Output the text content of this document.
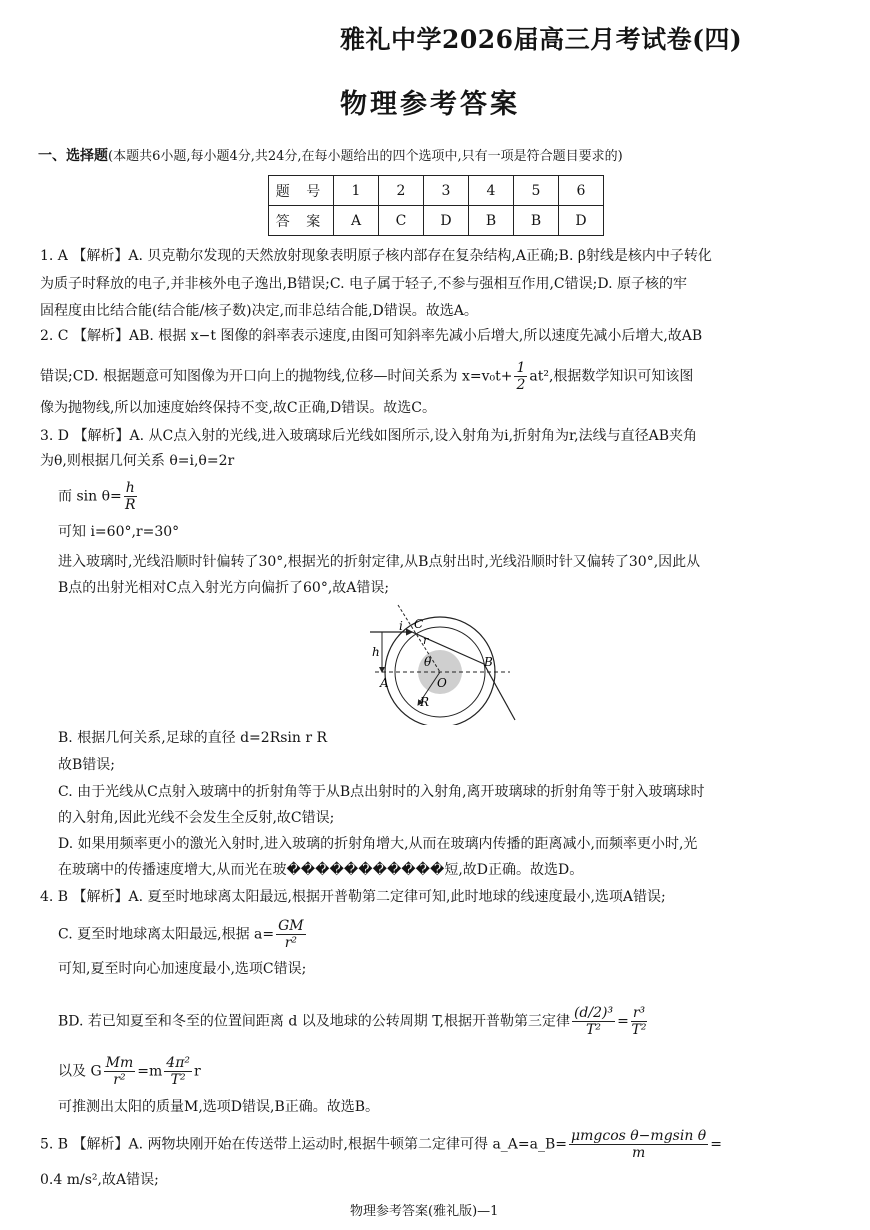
雅礼中学2026届高三月考试卷(四)
物理参考答案
一、选择题(本题共6小题,每小题4分,共24分,在每小题给出的四个选项中,只有一项是符合题目要求的)
题 号	1	2	3	4	5	6
答 案	A	C	D	B	B	D
1. A 【解析】A. 贝克勒尔发现的天然放射现象表明原子核内部存在复杂结构,A正确;B. β射线是核内中子转化
为质子时释放的电子,并非核外电子逸出,B错误;C. 电子属于轻子,不参与强相互作用,C错误;D. 原子核的牢
固程度由比结合能(结合能/核子数)决定,而非总结合能,D错误。故选A。
2. C 【解析】AB. 根据 x−t 图像的斜率表示速度,由图可知斜率先减小后增大,所以速度先减小后增大,故AB
错误;CD. 根据题意可知图像为开口向上的抛物线,位移—时间关系为 $x=v_0t+ \frac{1}{2} at^2$,根据数学知识可知该图
像为抛物线,所以加速度始终保持不变,故C正确,D错误。故选C。
3. D 【解析】A. 从C点入射的光线,进入玻璃球后光线如图所示,设入射角为i,折射角为r,法线与直径AB夹角
为θ,则根据几何关系 θ=i,θ=2r
而 $\sin \theta= \frac{h}{R}$
可知 i=60°,r=30°
进入玻璃时,光线沿顺时针偏转了30°,根据光的折射定律,从B点射出时,光线沿顺时针又偏转了30°,因此从
B点的出射光相对C点入射光方向偏折了60°,故A错误;
i C
r
h
θ	B
A	O
R
B. 根据几何关系,足球的直径 d=2Rsin r R
故B错误;
C. 由于光线从C点射入玻璃中的折射角等于从B点出射时的入射角,离开玻璃球的折射角等于射入玻璃球时
的入射角,因此光线不会发生全反射,故C错误;
D. 如果用频率更小的激光入射时,进入玻璃的折射角增大,从而在玻璃内传播的距离减小,而频率更小时,光
在玻璃中的传播速度增大,从而光在玻�����������短,故D正确。故选D。
4. B 【解析】A. 夏至时地球离太阳最远,根据开普勒第二定律可知,此时地球的线速度最小,选项A错误;
C. 夏至时地球离太阳最远,根据 $a= \frac{GM}{\text{r²}}$
可知,夏至时向心加速度最小,选项C错误;
BD. 若已知夏至和冬至的位置间距离 d 以及地球的公转周期 T,根据开普勒第三定律 $\frac{\text{(d/2)³}}{\text{T²}} = \frac{\text{r³}}{\text{T²}}$
以及 G $\frac{Mm}{\text{r²}} =m \frac{\text{4π²}}{\text{T²}}$ r
可推测出太阳的质量M,选项D错误,B正确。故选B。
5. B 【解析】A. 两物块刚开始在传送带上运动时,根据牛顿第二定律可得 a_A=a_B= $\frac{\text{μmgcos θ−mgsin θ}}{m}$ =
0.4 m/s²,故A错误;
物理参考答案(雅礼版)—1
